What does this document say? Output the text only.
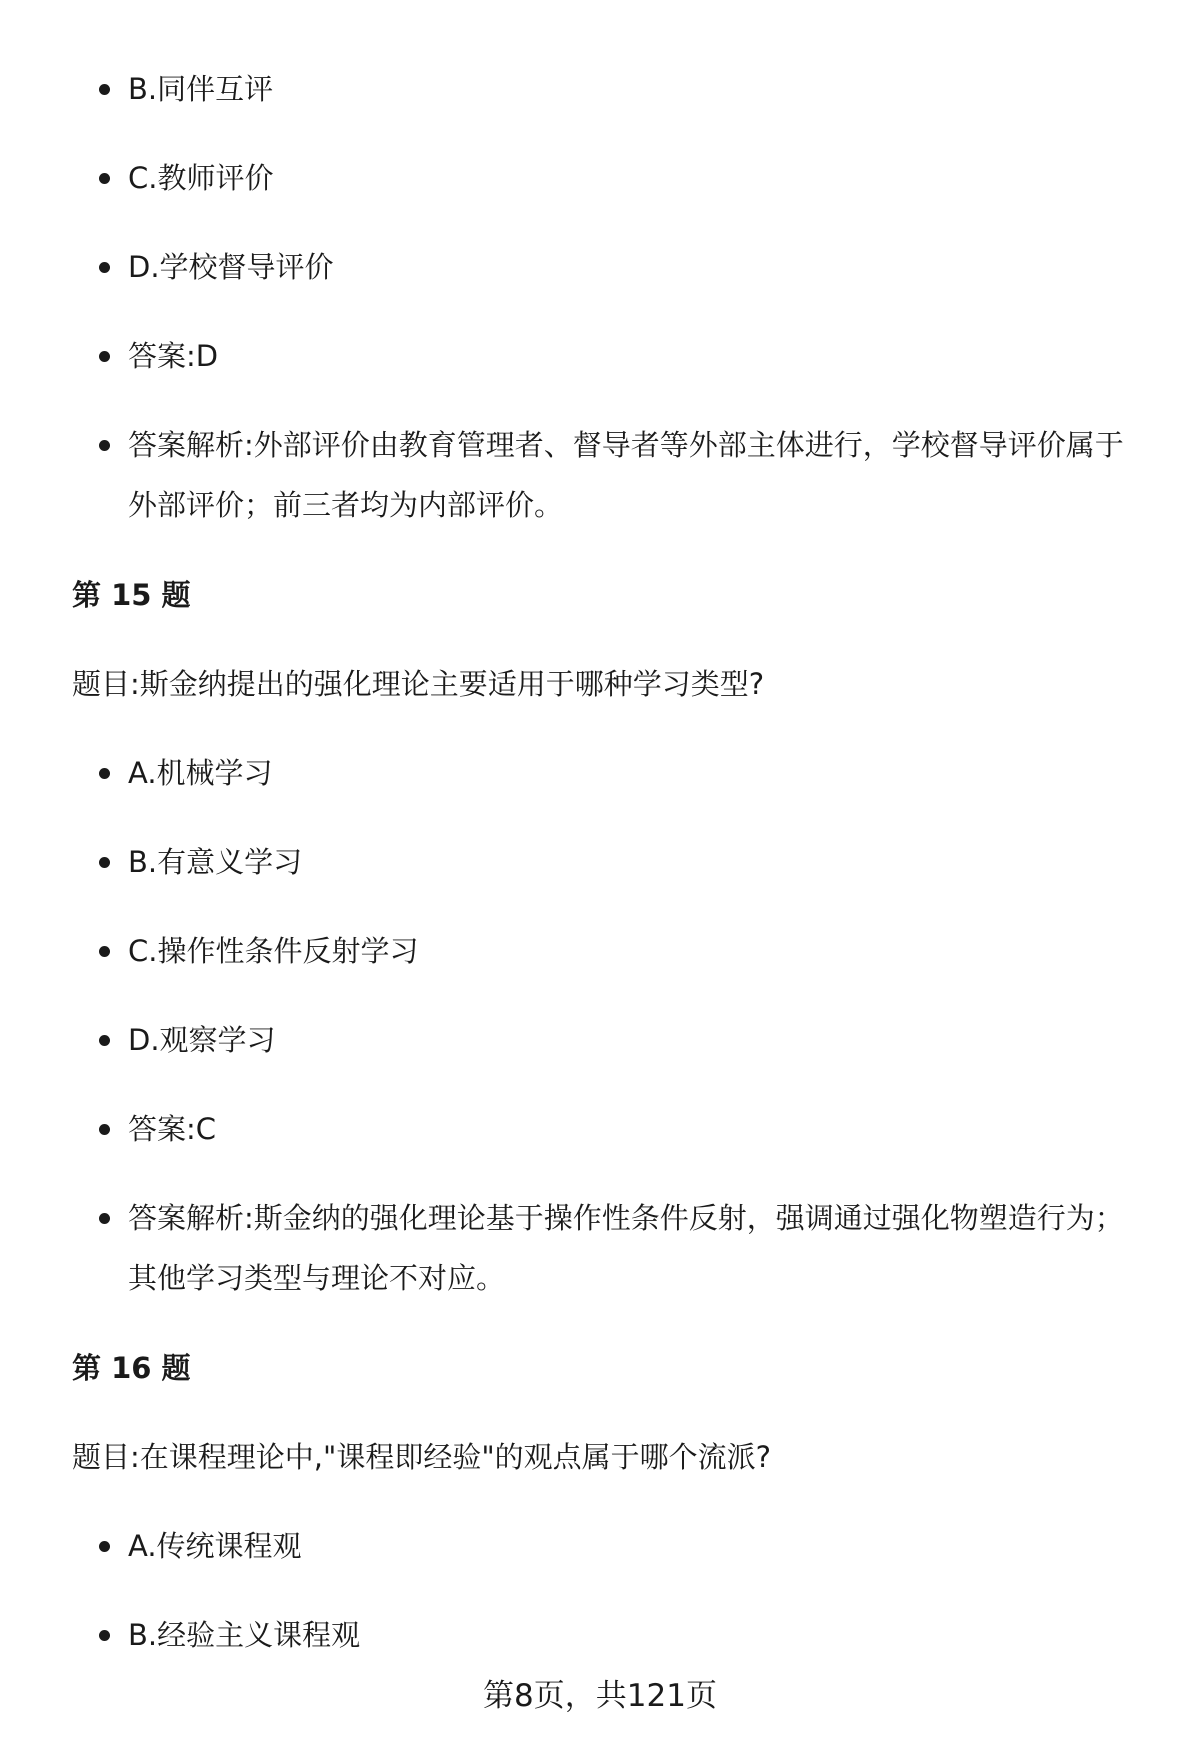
B.同伴互评
C.教师评价
D.学校督导评价
答案:D
答案解析:外部评价由教育管理者、督导者等外部主体进行，学校督导评价属于外部评价；前三者均为内部评价。
第 15 题
题目:斯金纳提出的强化理论主要适用于哪种学习类型?
A.机械学习
B.有意义学习
C.操作性条件反射学习
D.观察学习
答案:C
答案解析:斯金纳的强化理论基于操作性条件反射，强调通过强化物塑造行为；其他学习类型与理论不对应。
第 16 题
题目:在课程理论中,"课程即经验"的观点属于哪个流派?
A.传统课程观
B.经验主义课程观
第8页，共121页
